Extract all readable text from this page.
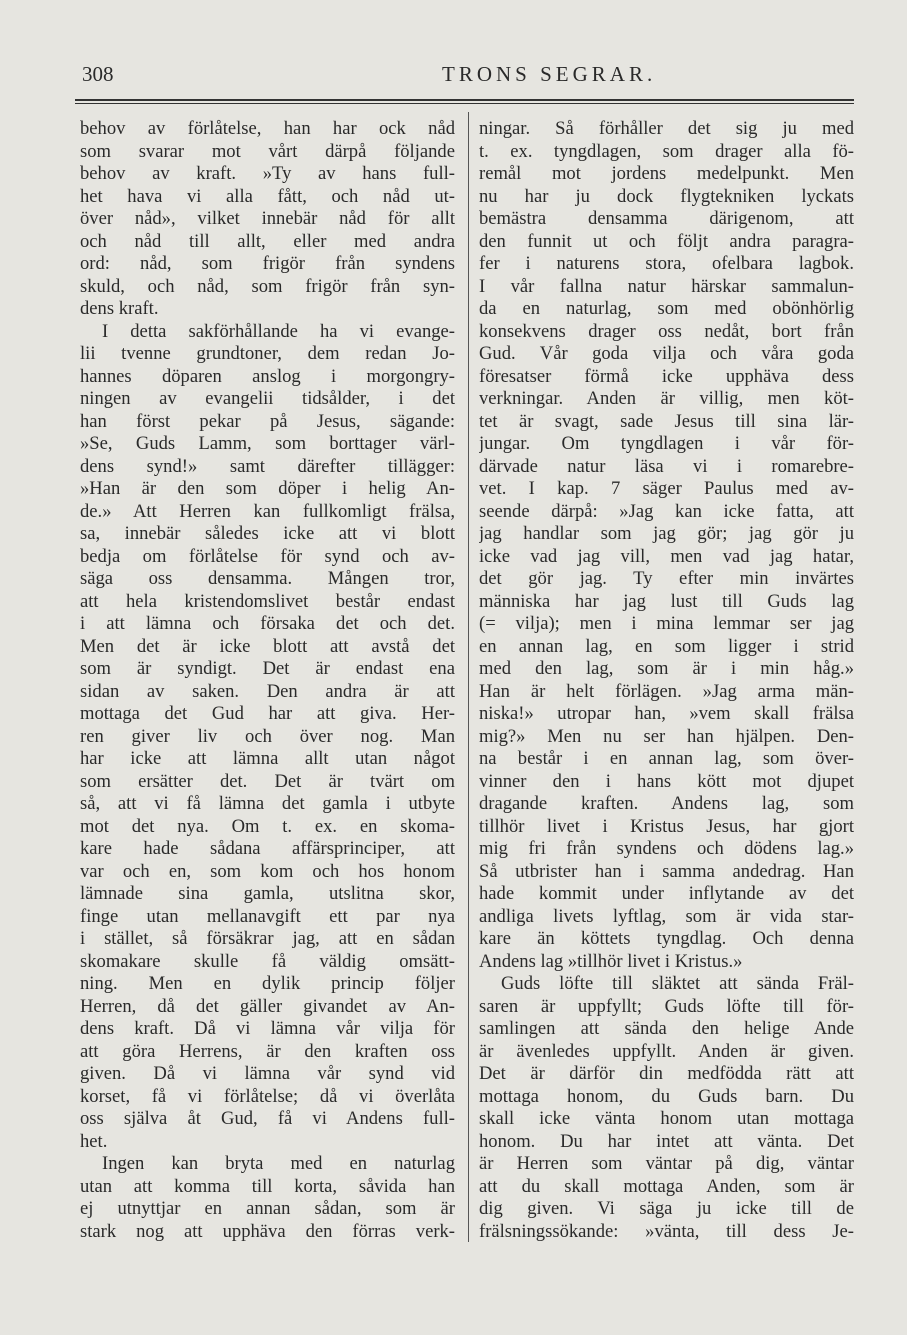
308	TRONS SEGRAR.
behov av förlåtelse, han har ock nåd
som svarar mot vårt därpå följande
behov av kraft. »Ty av hans full-
het hava vi alla fått, och nåd ut-
över nåd», vilket innebär nåd för allt
och nåd till allt, eller med andra
ord: nåd, som frigör från syndens
skuld, och nåd, som frigör från syn-
dens kraft.
I detta sakförhållande ha vi evange-
lii tvenne grundtoner, dem redan Jo-
hannes döparen anslog i morgongry-
ningen av evangelii tidsålder, i det
han först pekar på Jesus, sägande:
»Se, Guds Lamm, som borttager värl-
dens synd!» samt därefter tillägger:
»Han är den som döper i helig An-
de.» Att Herren kan fullkomligt frälsa,
sa, innebär således icke att vi blott
bedja om förlåtelse för synd och av-
säga oss densamma. Mången tror,
att hela kristendomslivet består endast
i att lämna och försaka det och det.
Men det är icke blott att avstå det
som är syndigt. Det är endast ena
sidan av saken. Den andra är att
mottaga det Gud har att giva. Her-
ren giver liv och över nog. Man
har icke att lämna allt utan något
som ersätter det. Det är tvärt om
så, att vi få lämna det gamla i utbyte
mot det nya. Om t. ex. en skoma-
kare hade sådana affärsprinciper, att
var och en, som kom och hos honom
lämnade sina gamla, utslitna skor,
finge utan mellanavgift ett par nya
i stället, så försäkrar jag, att en sådan
skomakare skulle få väldig omsätt-
ning. Men en dylik princip följer
Herren, då det gäller givandet av An-
dens kraft. Då vi lämna vår vilja för
att göra Herrens, är den kraften oss
given. Då vi lämna vår synd vid
korset, få vi förlåtelse; då vi överlåta
oss själva åt Gud, få vi Andens full-
het.
Ingen kan bryta med en naturlag
utan att komma till korta, såvida han
ej utnyttjar en annan sådan, som är
stark nog att upphäva den förras verk-
ningar. Så förhåller det sig ju med
t. ex. tyngdlagen, som drager alla fö-
remål mot jordens medelpunkt. Men
nu har ju dock flygtekniken lyckats
bemästra densamma därigenom, att
den funnit ut och följt andra paragra-
fer i naturens stora, ofelbara lagbok.
I vår fallna natur härskar sammalun-
da en naturlag, som med obönhörlig
konsekvens drager oss nedåt, bort från
Gud. Vår goda vilja och våra goda
föresatser förmå icke upphäva dess
verkningar. Anden är villig, men köt-
tet är svagt, sade Jesus till sina lär-
jungar. Om tyngdlagen i vår för-
därvade natur läsa vi i romarebre-
vet. I kap. 7 säger Paulus med av-
seende därpå: »Jag kan icke fatta, att
jag handlar som jag gör; jag gör ju
icke vad jag vill, men vad jag hatar,
det gör jag. Ty efter min invärtes
människa har jag lust till Guds lag
(= vilja); men i mina lemmar ser jag
en annan lag, en som ligger i strid
med den lag, som är i min håg.»
Han är helt förlägen. »Jag arma män-
niska!» utropar han, »vem skall frälsa
mig?» Men nu ser han hjälpen. Den-
na består i en annan lag, som över-
vinner den i hans kött mot djupet
dragande kraften. Andens lag, som
tillhör livet i Kristus Jesus, har gjort
mig fri från syndens och dödens lag.»
Så utbrister han i samma andedrag. Han
hade kommit under inflytande av det
andliga livets lyftlag, som är vida star-
kare än köttets tyngdlag. Och denna
Andens lag »tillhör livet i Kristus.»
Guds löfte till släktet att sända Fräl-
saren är uppfyllt; Guds löfte till för-
samlingen att sända den helige Ande
är ävenledes uppfyllt. Anden är given.
Det är därför din medfödda rätt att
mottaga honom, du Guds barn. Du
skall icke vänta honom utan mottaga
honom. Du har intet att vänta. Det
är Herren som väntar på dig, väntar
att du skall mottaga Anden, som är
dig given. Vi säga ju icke till de
frälsningssökande: »vänta, till dess Je-
